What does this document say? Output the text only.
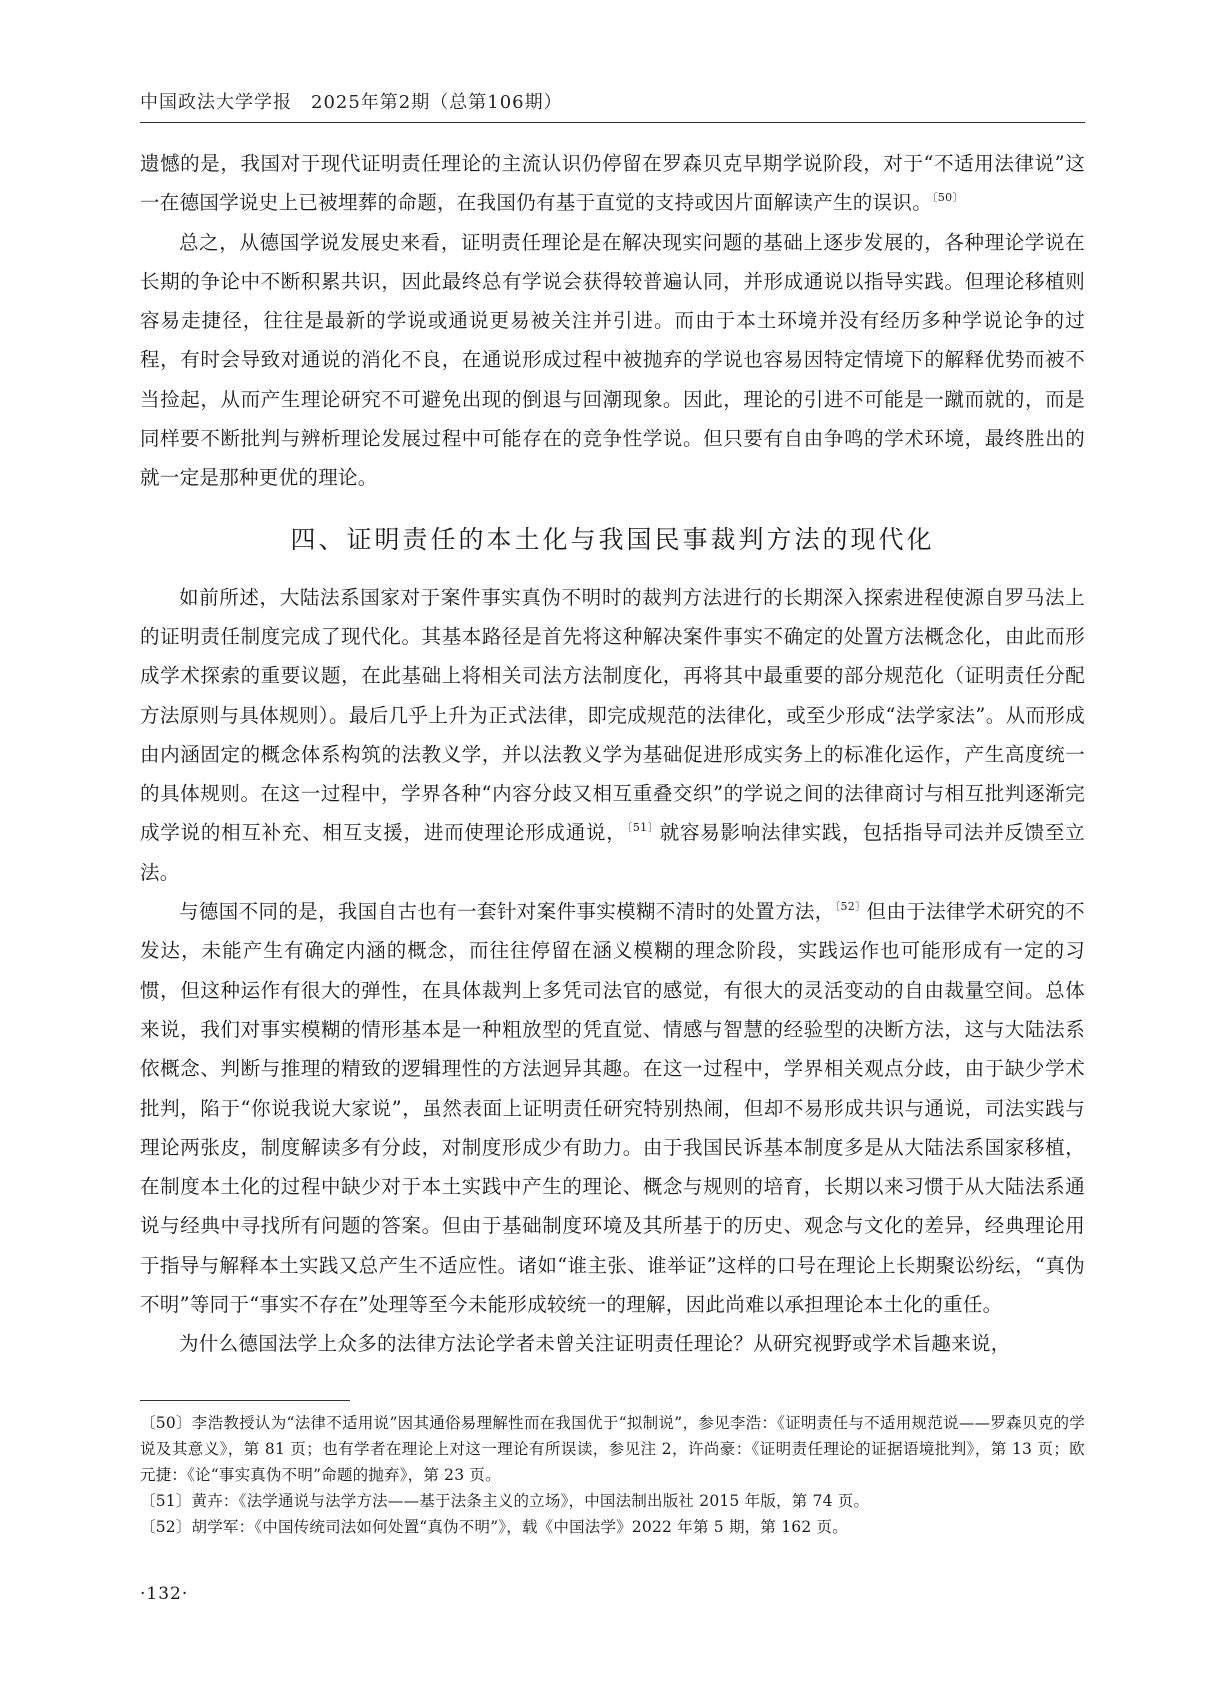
中国政法大学学报　2025年第2期（总第106期）

遗憾的是，我国对于现代证明责任理论的主流认识仍停留在罗森贝克早期学说阶段，对于“不适用法律说”这一在德国学说史上已被埋葬的命题，在我国仍有基于直觉的支持或因片面解读产生的误识。$^{〔50〕}$

总之，从德国学说发展史来看，证明责任理论是在解决现实问题的基础上逐步发展的，各种理论学说在长期的争论中不断积累共识，因此最终总有学说会获得较普遍认同，并形成通说以指导实践。但理论移植则容易走捷径，往往是最新的学说或通说更易被关注并引进。而由于本土环境并没有经历多种学说论争的过程，有时会导致对通说的消化不良，在通说形成过程中被抛弃的学说也容易因特定情境下的解释优势而被不当捡起，从而产生理论研究不可避免出现的倒退与回潮现象。因此，理论的引进不可能是一蹴而就的，而是同样要不断批判与辨析理论发展过程中可能存在的竞争性学说。但只要有自由争鸣的学术环境，最终胜出的就一定是那种更优的理论。

四、证明责任的本土化与我国民事裁判方法的现代化

如前所述，大陆法系国家对于案件事实真伪不明时的裁判方法进行的长期深入探索进程使源自罗马法上的证明责任制度完成了现代化。其基本路径是首先将这种解决案件事实不确定的处置方法概念化，由此而形成学术探索的重要议题，在此基础上将相关司法方法制度化，再将其中最重要的部分规范化（证明责任分配方法原则与具体规则）。最后几乎上升为正式法律，即完成规范的法律化，或至少形成“法学家法”。从而形成由内涵固定的概念体系构筑的法教义学，并以法教义学为基础促进形成实务上的标准化运作，产生高度统一的具体规则。在这一过程中，学界各种“内容分歧又相互重叠交织”的学说之间的法律商讨与相互批判逐渐完成学说的相互补充、相互支援，进而使理论形成通说，$^{〔51〕}$就容易影响法律实践，包括指导司法并反馈至立法。

与德国不同的是，我国自古也有一套针对案件事实模糊不清时的处置方法，$^{〔52〕}$但由于法律学术研究的不发达，未能产生有确定内涵的概念，而往往停留在涵义模糊的理念阶段，实践运作也可能形成有一定的习惯，但这种运作有很大的弹性，在具体裁判上多凭司法官的感觉，有很大的灵活变动的自由裁量空间。总体来说，我们对事实模糊的情形基本是一种粗放型的凭直觉、情感与智慧的经验型的决断方法，这与大陆法系依概念、判断与推理的精致的逻辑理性的方法迥异其趣。在这一过程中，学界相关观点分歧，由于缺少学术批判，陷于“你说我说大家说”，虽然表面上证明责任研究特别热闹，但却不易形成共识与通说，司法实践与理论两张皮，制度解读多有分歧，对制度形成少有助力。由于我国民诉基本制度多是从大陆法系国家移植，在制度本土化的过程中缺少对于本土实践中产生的理论、概念与规则的培育，长期以来习惯于从大陆法系通说与经典中寻找所有问题的答案。但由于基础制度环境及其所基于的历史、观念与文化的差异，经典理论用于指导与解释本土实践又总产生不适应性。诸如“谁主张、谁举证”这样的口号在理论上长期聚讼纷纭，“真伪不明”等同于“事实不存在”处理等至今未能形成较统一的理解，因此尚难以承担理论本土化的重任。

为什么德国法学上众多的法律方法论学者未曾关注证明责任理论？从研究视野或学术旨趣来说，

〔50〕李浩教授认为“法律不适用说”因其通俗易理解性而在我国优于“拟制说”，参见李浩：《证明责任与不适用规范说——罗森贝克的学说及其意义》，第 81 页；也有学者在理论上对这一理论有所误读，参见注 2，许尚豪：《证明责任理论的证据语境批判》，第 13 页；欧元捷：《论“事实真伪不明”命题的抛弃》，第 23 页。

〔51〕黄卉：《法学通说与法学方法——基于法条主义的立场》，中国法制出版社 2015 年版，第 74 页。

〔52〕胡学军：《中国传统司法如何处置“真伪不明”》，载《中国法学》2022 年第 5 期，第 162 页。

·132·
